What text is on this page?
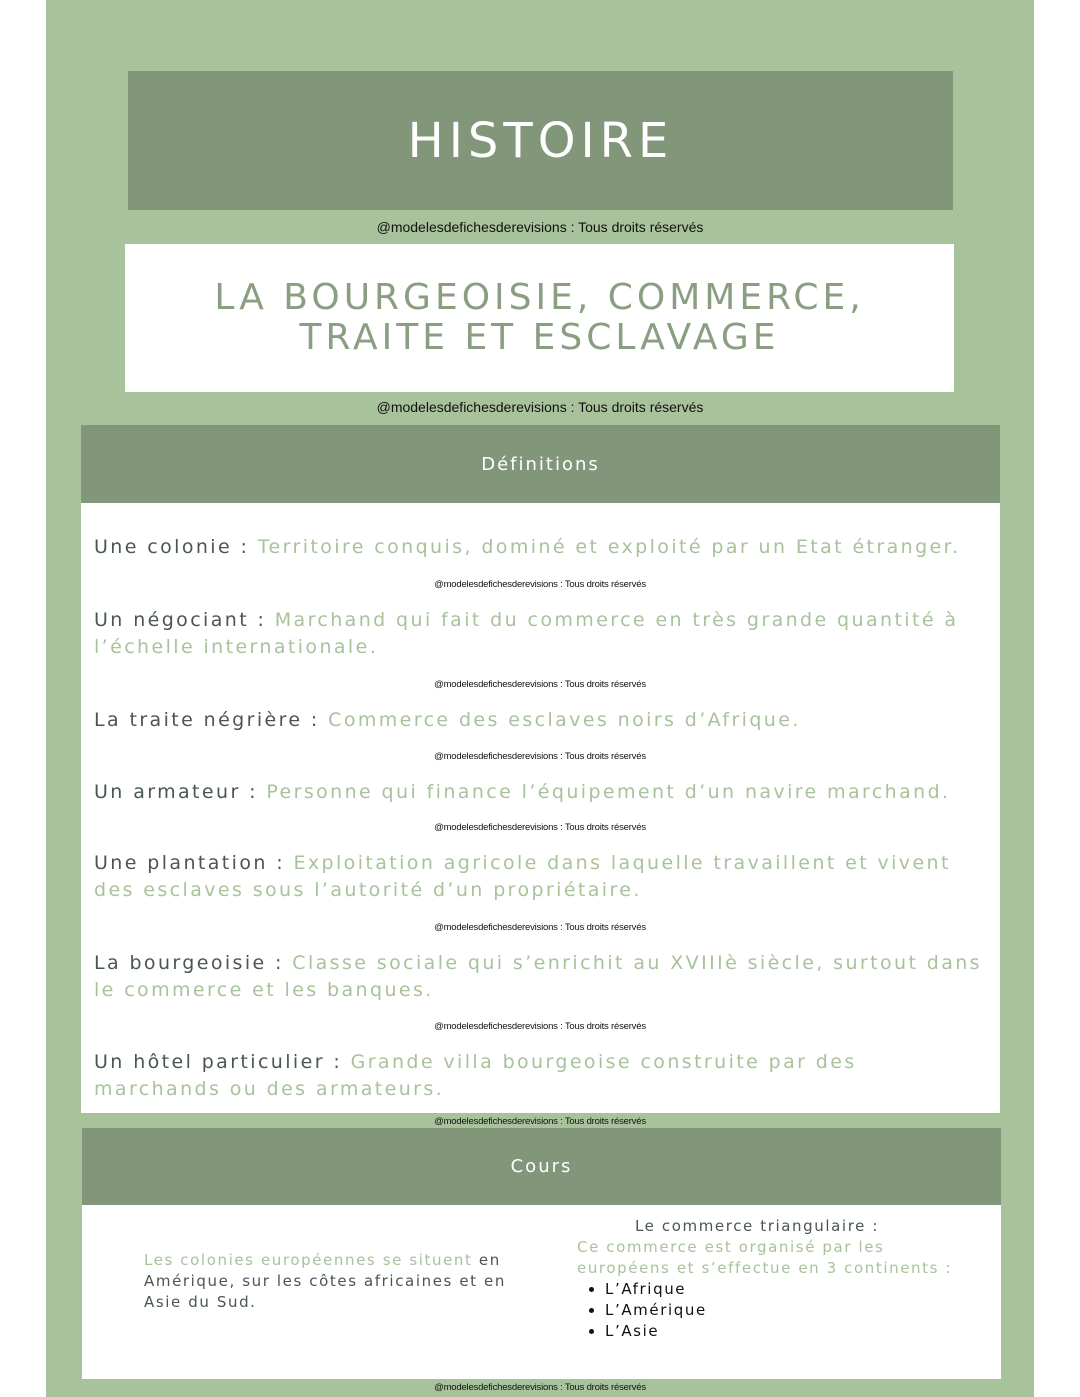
HISTOIRE
@modelesdefichesderevisions : Tous droits réservés
LA BOURGEOISIE, COMMERCE,
TRAITE ET ESCLAVAGE
@modelesdefichesderevisions : Tous droits réservés
Définitions
Une colonie : Territoire conquis, dominé et exploité par un Etat étranger.
@modelesdefichesderevisions : Tous droits réservés
Un négociant : Marchand qui fait du commerce en très grande quantité à l’échelle internationale.
@modelesdefichesderevisions : Tous droits réservés
La traite négrière : Commerce des esclaves noirs d’Afrique.
@modelesdefichesderevisions : Tous droits réservés
Un armateur : Personne qui finance l’équipement d’un navire marchand.
@modelesdefichesderevisions : Tous droits réservés
Une plantation : Exploitation agricole dans laquelle travaillent et vivent des esclaves sous l’autorité d’un propriétaire.
@modelesdefichesderevisions : Tous droits réservés
La bourgeoisie : Classe sociale qui s’enrichit au XVIIIè siècle, surtout dans le commerce et les banques.
@modelesdefichesderevisions : Tous droits réservés
Un hôtel particulier : Grande villa bourgeoise construite par des marchands ou des armateurs.
@modelesdefichesderevisions : Tous droits réservés
Cours
Les colonies européennes se situent en Amérique, sur les côtes africaines et en Asie du Sud.
Le commerce triangulaire :
Ce commerce est organisé par les européens et s’effectue en 3 continents :
• L’Afrique
• L’Amérique
• L’Asie
@modelesdefichesderevisions : Tous droits réservés
